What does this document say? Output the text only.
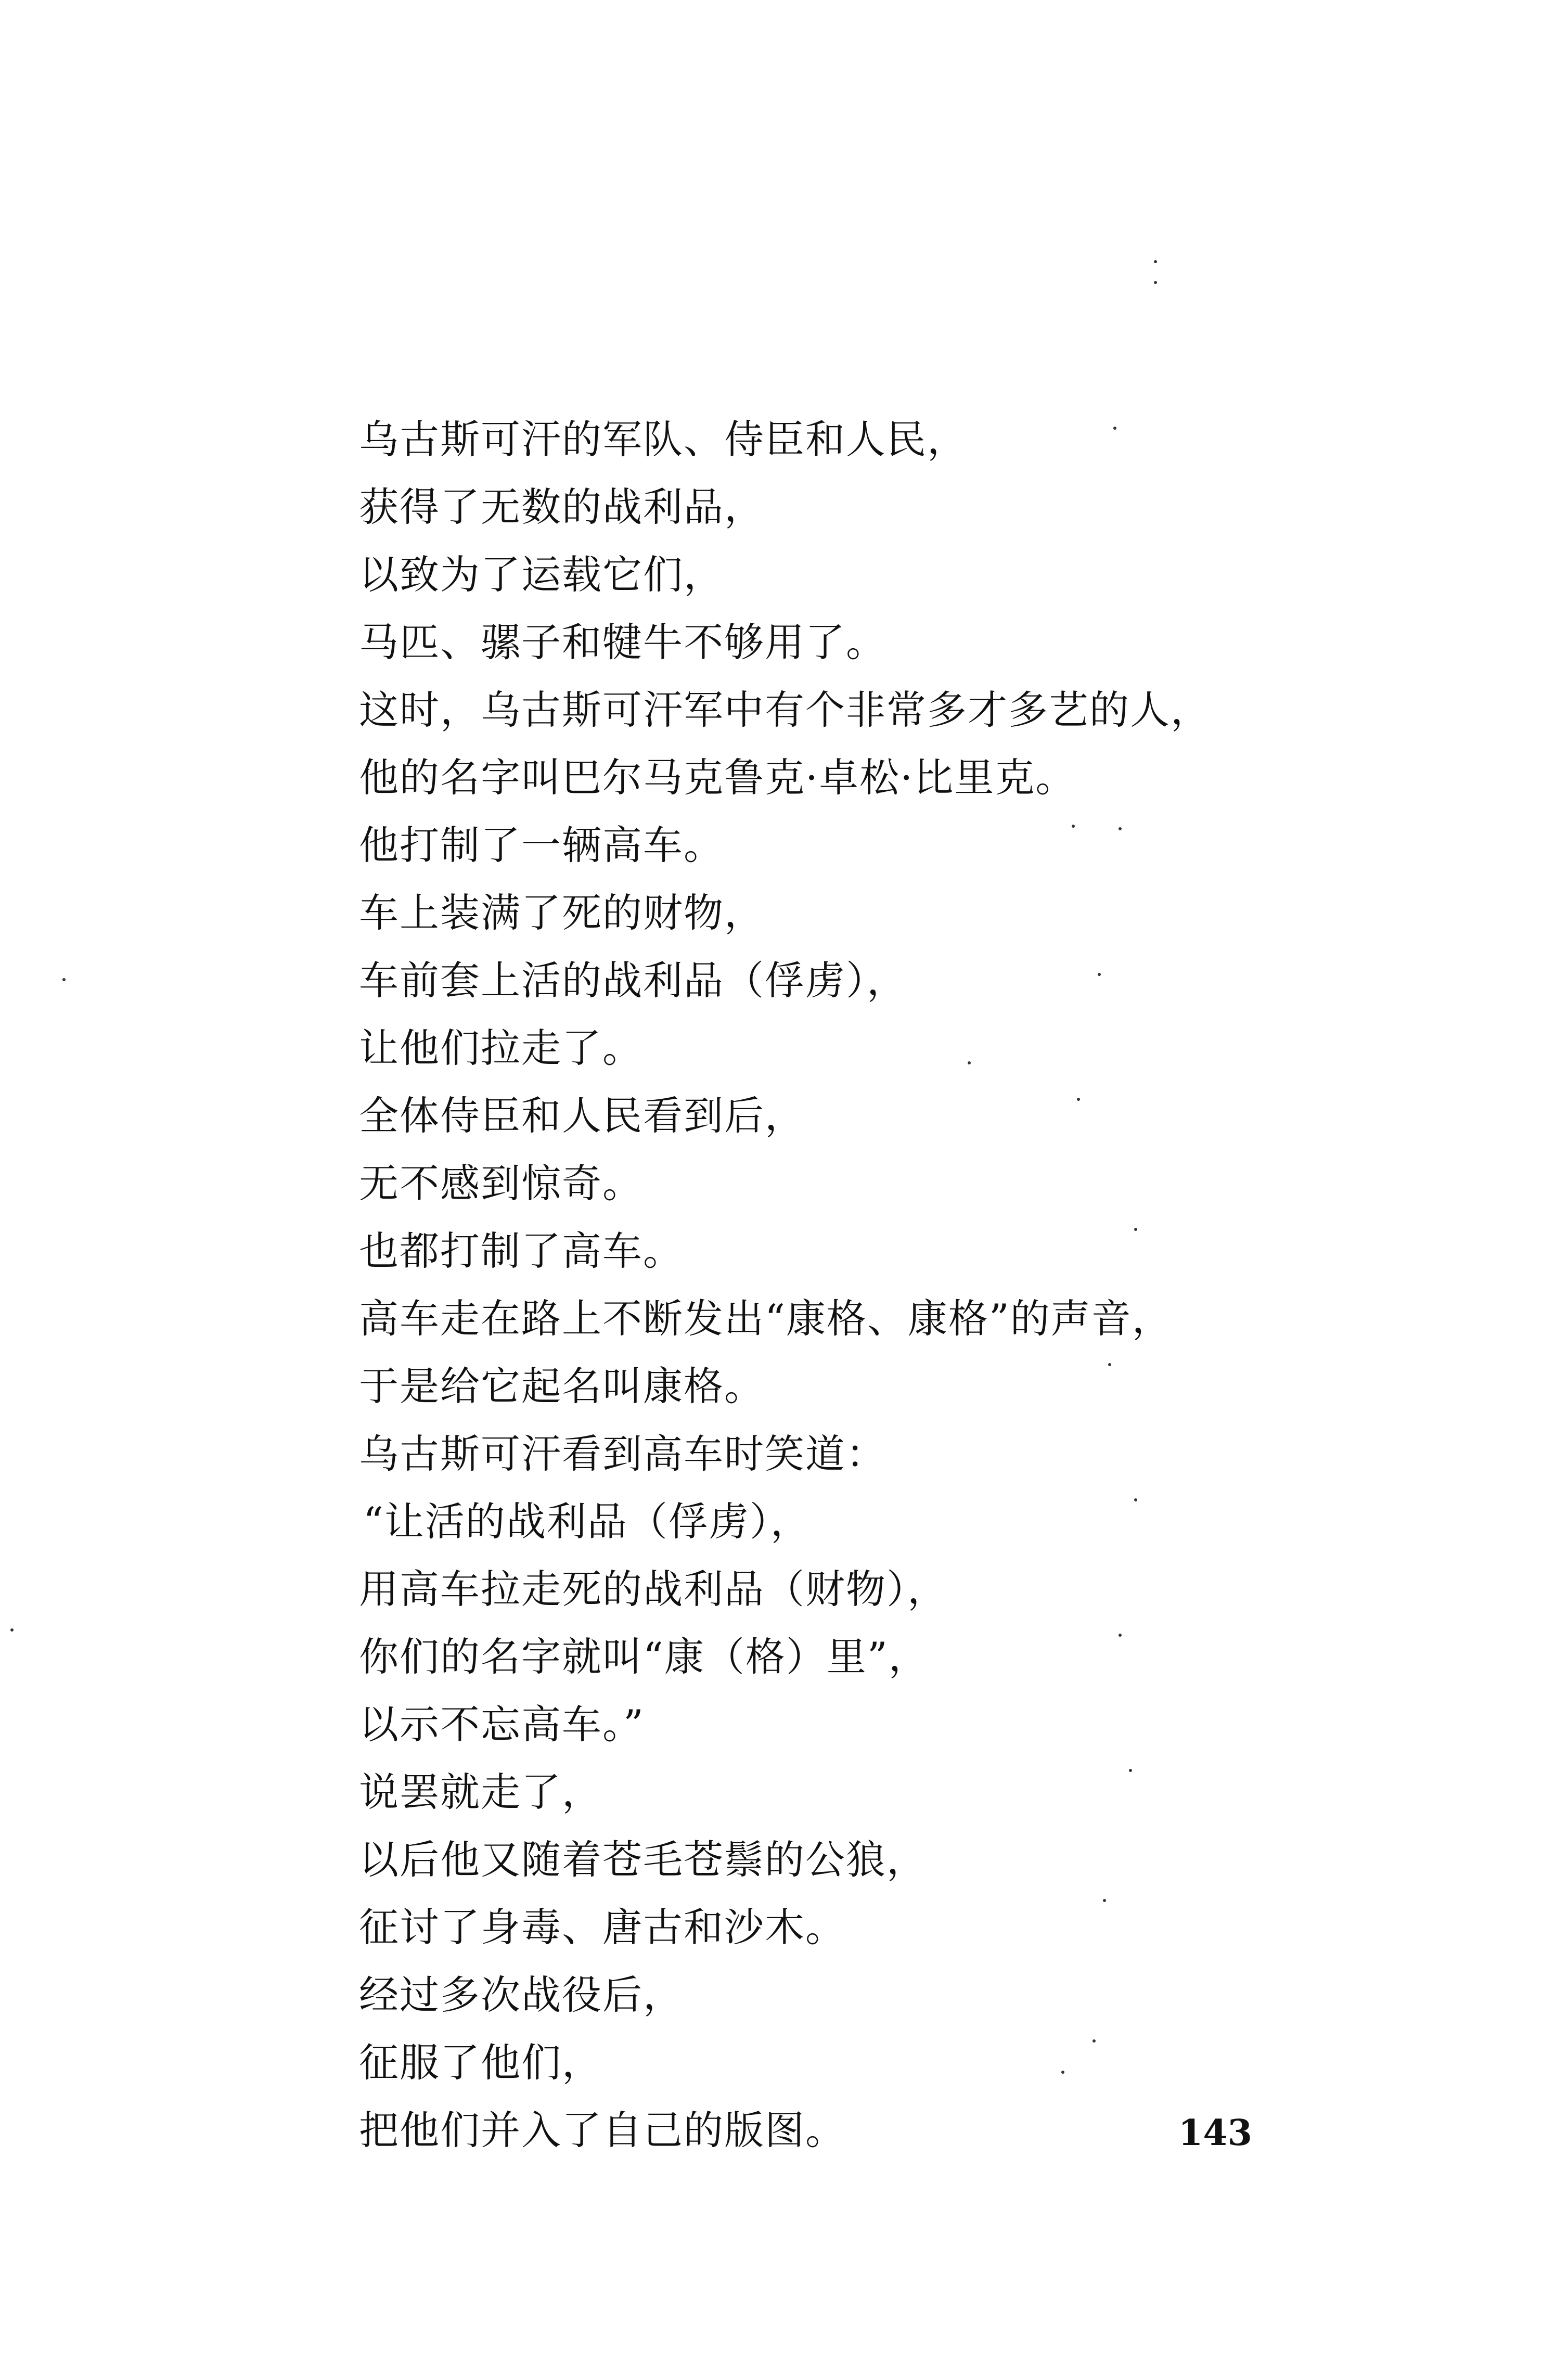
乌古斯可汗的军队、侍臣和人民，
获得了无数的战利品，
以致为了运载它们，
马匹、骡子和犍牛不够用了。
这时，乌古斯可汗军中有个非常多才多艺的人，
他的名字叫巴尔马克鲁克·卓松·比里克。
他打制了一辆高车。
车上装满了死的财物，
车前套上活的战利品（俘虏），
让他们拉走了。
全体侍臣和人民看到后，
无不感到惊奇。
也都打制了高车。
高车走在路上不断发出“康格、康格”的声音，
于是给它起名叫康格。
乌古斯可汗看到高车时笑道：
“让活的战利品（俘虏），
用高车拉走死的战利品（财物），
你们的名字就叫“康（格）里”，
以示不忘高车。”
说罢就走了，
以后他又随着苍毛苍鬃的公狼，
征讨了身毒、唐古和沙木。
经过多次战役后，
征服了他们，
把他们并入了自己的版图。	143
